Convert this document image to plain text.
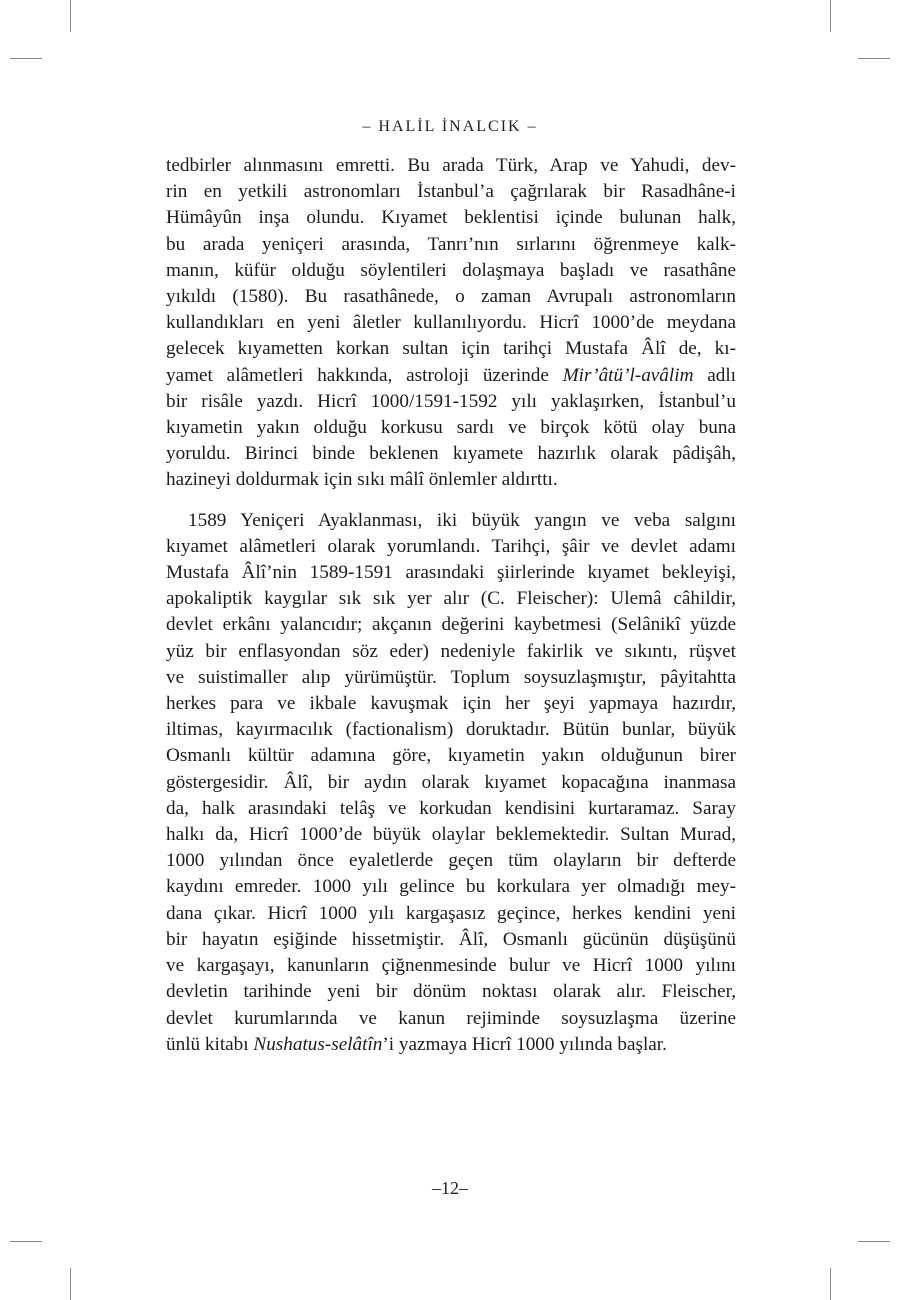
– HALİL İNALCIK –
tedbirler alınmasını emretti. Bu arada Türk, Arap ve Yahudi, dev-
rin en yetkili astronomları İstanbul’a çağrılarak bir Rasadhâne-i
Hümâyûn inşa olundu. Kıyamet beklentisi içinde bulunan halk,
bu arada yeniçeri arasında, Tanrı’nın sırlarını öğrenmeye kalk-
manın, küfür olduğu söylentileri dolaşmaya başladı ve rasathâne
yıkıldı (1580). Bu rasathânede, o zaman Avrupalı astronomların
kullandıkları en yeni âletler kullanılıyordu. Hicrî 1000’de meydana
gelecek kıyametten korkan sultan için tarihçi Mustafa Âlî de, kı-
yamet alâmetleri hakkında, astroloji üzerinde Mir’âtü’l-avâlim adlı
bir risâle yazdı. Hicrî 1000/1591-1592 yılı yaklaşırken, İstanbul’u
kıyametin yakın olduğu korkusu sardı ve birçok kötü olay buna
yoruldu. Birinci binde beklenen kıyamete hazırlık olarak pâdişâh,
hazineyi doldurmak için sıkı mâlî önlemler aldırttı.
1589 Yeniçeri Ayaklanması, iki büyük yangın ve veba salgını
kıyamet alâmetleri olarak yorumlandı. Tarihçi, şâir ve devlet adamı
Mustafa Âlî’nin 1589-1591 arasındaki şiirlerinde kıyamet bekleyişi,
apokaliptik kaygılar sık sık yer alır (C. Fleischer): Ulemâ câhildir,
devlet erkânı yalancıdır; akçanın değerini kaybetmesi (Selânikî yüzde
yüz bir enflasyondan söz eder) nedeniyle fakirlik ve sıkıntı, rüşvet
ve suistimaller alıp yürümüştür. Toplum soysuzlaşmıştır, pâyitahtta
herkes para ve ikbale kavuşmak için her şeyi yapmaya hazırdır,
iltimas, kayırmacılık (factionalism) doruktadır. Bütün bunlar, büyük
Osmanlı kültür adamına göre, kıyametin yakın olduğunun birer
göstergesidir. Âlî, bir aydın olarak kıyamet kopacağına inanmasa
da, halk arasındaki telâş ve korkudan kendisini kurtaramaz. Saray
halkı da, Hicrî 1000’de büyük olaylar beklemektedir. Sultan Murad,
1000 yılından önce eyaletlerde geçen tüm olayların bir defterde
kaydını emreder. 1000 yılı gelince bu korkulara yer olmadığı mey-
dana çıkar. Hicrî 1000 yılı kargaşasız geçince, herkes kendini yeni
bir hayatın eşiğinde hissetmiştir. Âlî, Osmanlı gücünün düşüşünü
ve kargaşayı, kanunların çiğnenmesinde bulur ve Hicrî 1000 yılını
devletin tarihinde yeni bir dönüm noktası olarak alır. Fleischer,
devlet kurumlarında ve kanun rejiminde soysuzlaşma üzerine
ünlü kitabı Nushatus-selâtîn’i yazmaya Hicrî 1000 yılında başlar.
–12–
